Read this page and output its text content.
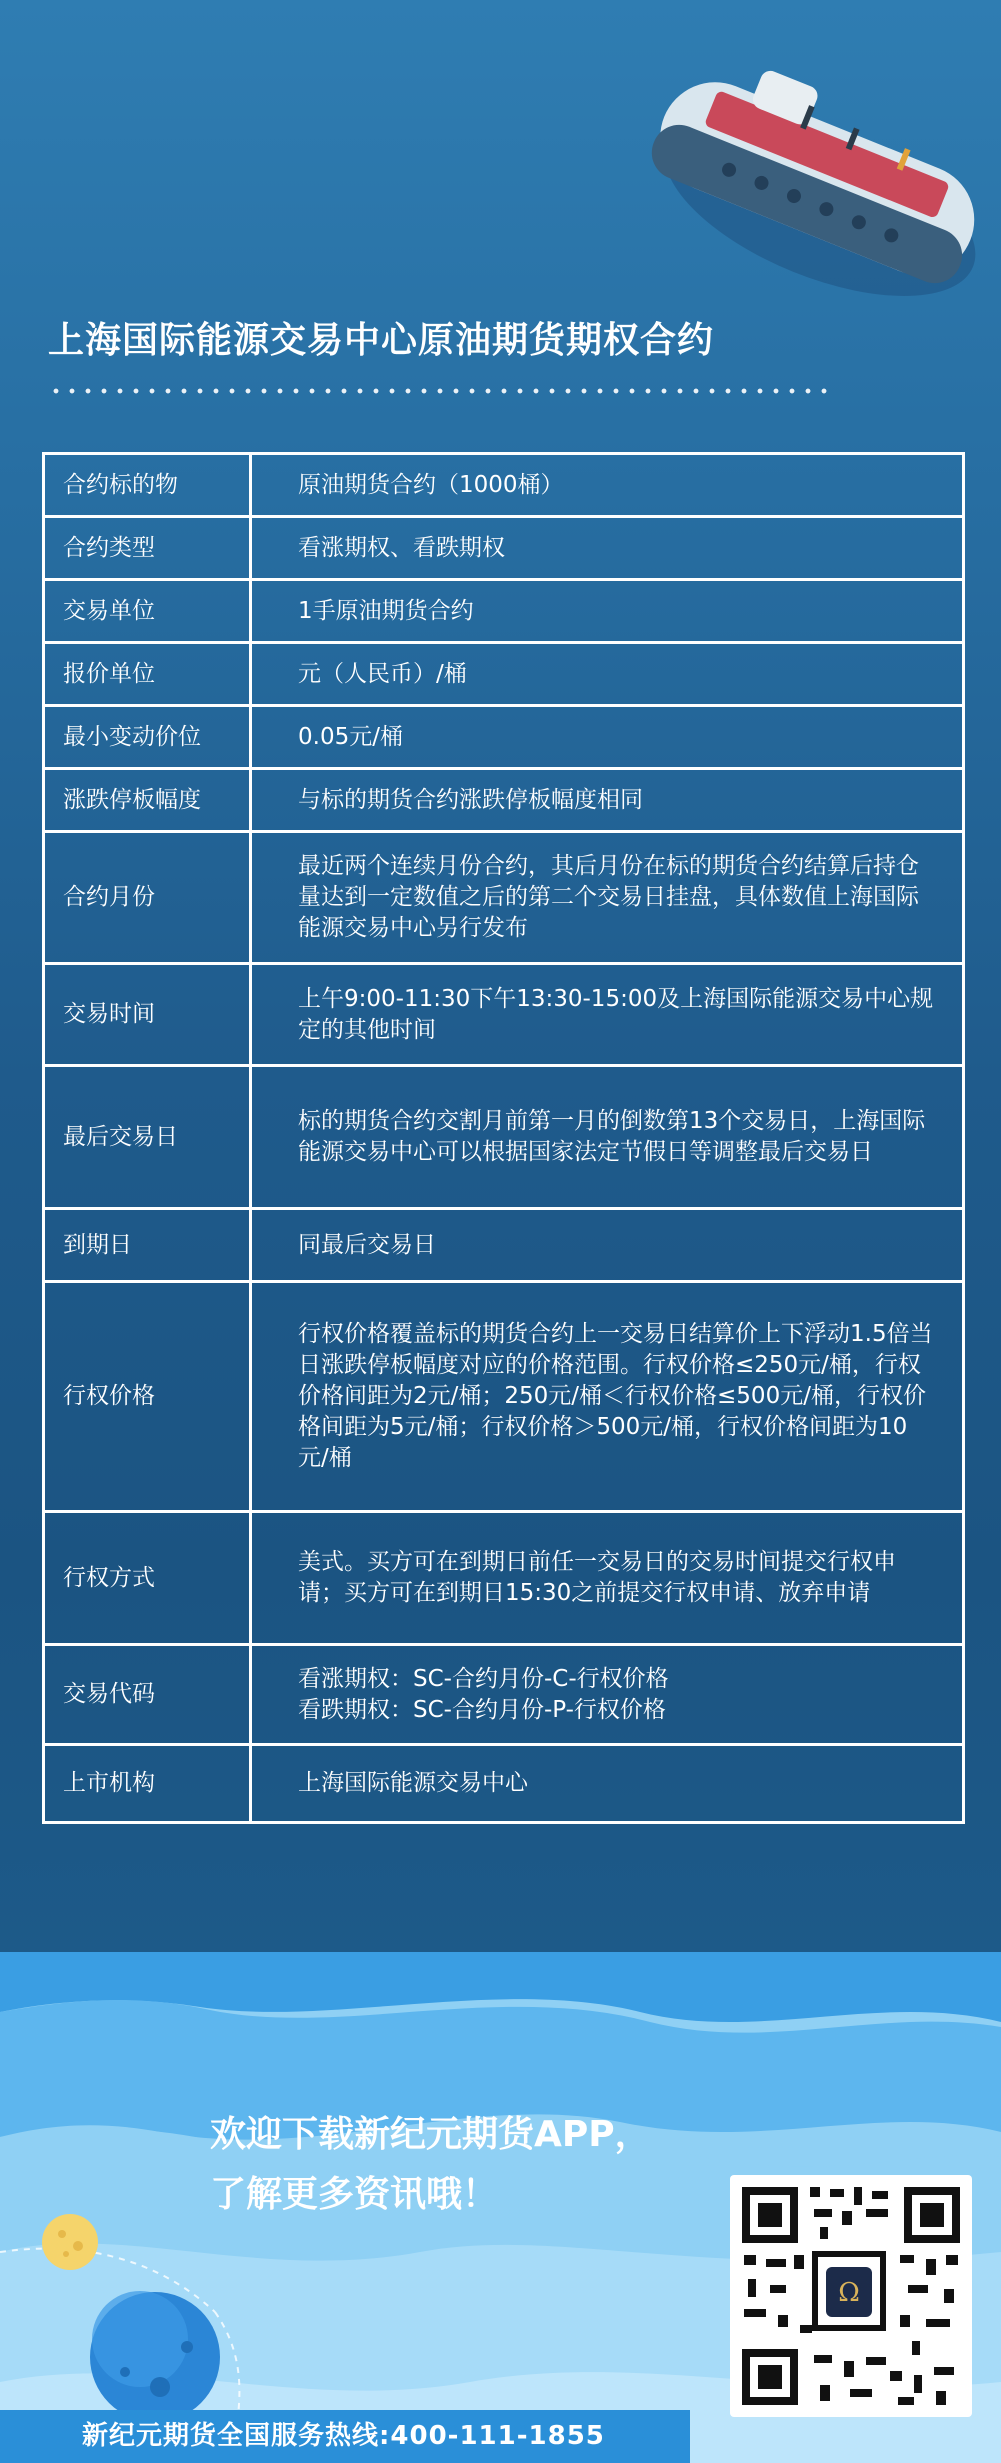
上海国际能源交易中心原油期货期权合约
合约标的物	原油期货合约（1000桶）
合约类型	看涨期权、看跌期权
交易单位	1手原油期货合约
报价单位	元（人民币）/桶
最小变动价位	0.05元/桶
涨跌停板幅度	与标的期货合约涨跌停板幅度相同
合约月份	最近两个连续月份合约，其后月份在标的期货合约结算后持仓量达到一定数值之后的第二个交易日挂盘，具体数值上海国际能源交易中心另行发布
交易时间	上午9:00-11:30下午13:30-15:00及上海国际能源交易中心规定的其他时间
最后交易日	标的期货合约交割月前第一月的倒数第13个交易日，上海国际能源交易中心可以根据国家法定节假日等调整最后交易日
到期日	同最后交易日
行权价格	行权价格覆盖标的期货合约上一交易日结算价上下浮动1.5倍当日涨跌停板幅度对应的价格范围。行权价格≤250元/桶，行权价格间距为2元/桶；250元/桶＜行权价格≤500元/桶，行权价格间距为5元/桶；行权价格＞500元/桶，行权价格间距为10元/桶
行权方式	美式。买方可在到期日前任一交易日的交易时间提交行权申请；买方可在到期日15:30之前提交行权申请、放弃申请
交易代码	看涨期权：SC-合约月份-C-行权价格
看跌期权：SC-合约月份-P-行权价格
上市机构	上海国际能源交易中心
欢迎下载新纪元期货APP，
了解更多资讯哦！
Ω
新纪元期货全国服务热线:400-111-1855
